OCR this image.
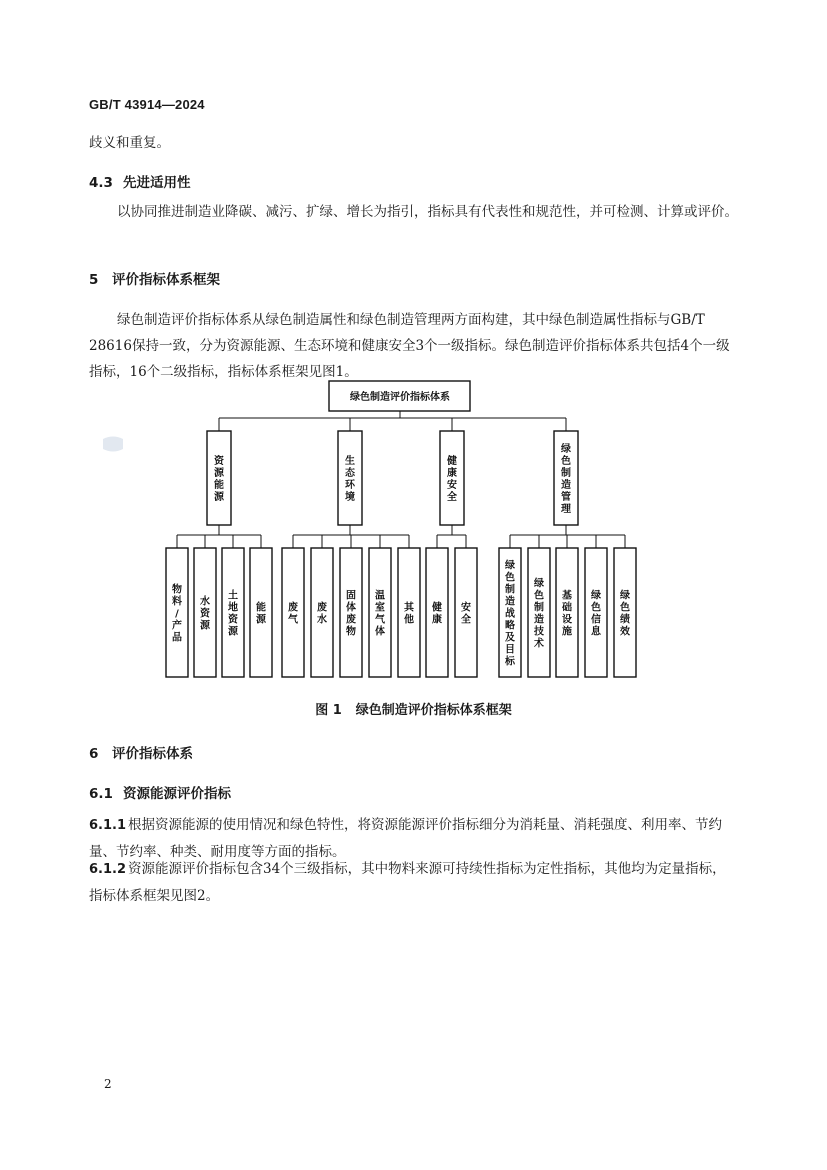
GB/T 43914—2024
歧义和重复。
4.3 先进适用性
以协同推进制造业降碳、减污、扩绿、增长为指引，指标具有代表性和规范性，并可检测、计算或评价。
5 评价指标体系框架
绿色制造评价指标体系从绿色制造属性和绿色制造管理两方面构建，其中绿色制造属性指标与GB/T 28616保持一致，分为资源能源、生态环境和健康安全3个一级指标。绿色制造评价指标体系共包括4个一级指标，16个二级指标，指标体系框架见图1。
绿色制造评价指标体系
资源能源
物料/产品
水资源
土地资源
能源
生态环境
废气
废水
固体废物
温室气体
其他
健康安全
健康
安全
绿色制造管理
绿色制造战略及目标
绿色制造技术
基础设施
绿色信息
绿色绩效
图 1 绿色制造评价指标体系框架
6 评价指标体系
6.1 资源能源评价指标
6.1.1 根据资源能源的使用情况和绿色特性，将资源能源评价指标细分为消耗量、消耗强度、利用率、节约量、节约率、种类、耐用度等方面的指标。
6.1.2 资源能源评价指标包含34个三级指标，其中物料来源可持续性指标为定性指标，其他均为定量指标，指标体系框架见图2。
2
